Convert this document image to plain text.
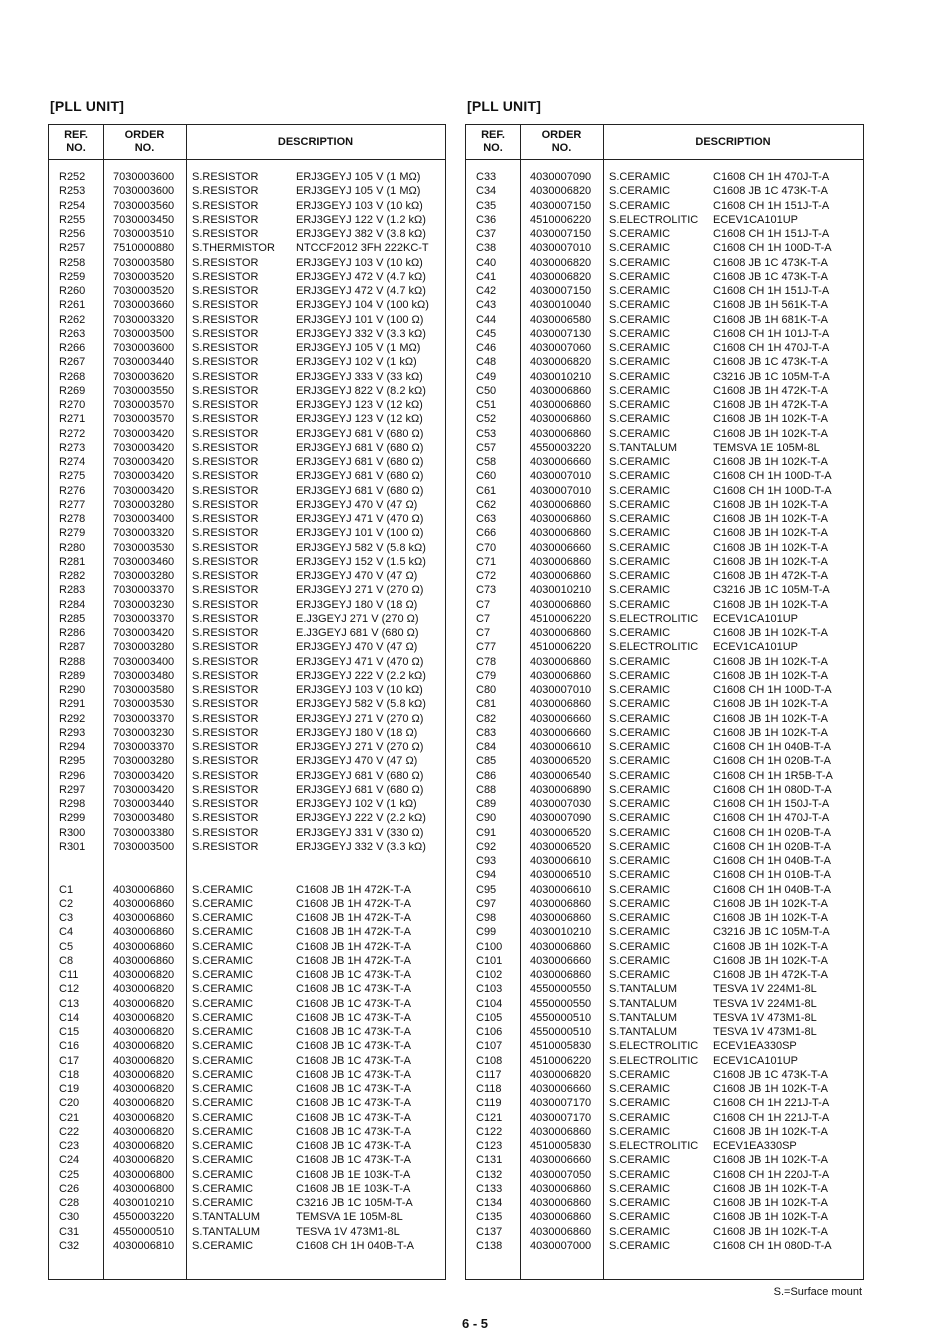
[PLL UNIT]	[PLL UNIT]
REF.
NO.
ORDER
NO.
DESCRIPTION
R252	7030003600 S.RESISTOR	ERJ3GEYJ 105 V (1 MΩ)
R253	7030003600 S.RESISTOR	ERJ3GEYJ 105 V (1 MΩ)
R254	7030003560 S.RESISTOR	ERJ3GEYJ 103 V (10 kΩ)
R255	7030003450 S.RESISTOR	ERJ3GEYJ 122 V (1.2 kΩ)
R256	7030003510 S.RESISTOR	ERJ3GEYJ 382 V (3.8 kΩ)
R257	7510000880 S.THERMISTOR NTCCF2012 3FH 222KC-T
R258	7030003580 S.RESISTOR	ERJ3GEYJ 103 V (10 kΩ)
R259	7030003520 S.RESISTOR	ERJ3GEYJ 472 V (4.7 kΩ)
R260	7030003520 S.RESISTOR	ERJ3GEYJ 472 V (4.7 kΩ)
R261	7030003660 S.RESISTOR	ERJ3GEYJ 104 V (100 kΩ)
R262	7030003320 S.RESISTOR	ERJ3GEYJ 101 V (100 Ω)
R263	7030003500 S.RESISTOR	ERJ3GEYJ 332 V (3.3 kΩ)
R266	7030003600 S.RESISTOR	ERJ3GEYJ 105 V (1 MΩ)
R267	7030003440 S.RESISTOR	ERJ3GEYJ 102 V (1 kΩ)
R268	7030003620 S.RESISTOR	ERJ3GEYJ 333 V (33 kΩ)
R269	7030003550 S.RESISTOR	ERJ3GEYJ 822 V (8.2 kΩ)
R270	7030003570 S.RESISTOR	ERJ3GEYJ 123 V (12 kΩ)
R271	7030003570 S.RESISTOR	ERJ3GEYJ 123 V (12 kΩ)
R272	7030003420 S.RESISTOR	ERJ3GEYJ 681 V (680 Ω)
R273	7030003420 S.RESISTOR	ERJ3GEYJ 681 V (680 Ω)
R274	7030003420 S.RESISTOR	ERJ3GEYJ 681 V (680 Ω)
R275	7030003420 S.RESISTOR	ERJ3GEYJ 681 V (680 Ω)
R276	7030003420 S.RESISTOR	ERJ3GEYJ 681 V (680 Ω)
R277	7030003280 S.RESISTOR	ERJ3GEYJ 470 V (47 Ω)
R278	7030003400 S.RESISTOR	ERJ3GEYJ 471 V (470 Ω)
R279	7030003320 S.RESISTOR	ERJ3GEYJ 101 V (100 Ω)
R280	7030003530 S.RESISTOR	ERJ3GEYJ 582 V (5.8 kΩ)
R281	7030003460 S.RESISTOR	ERJ3GEYJ 152 V (1.5 kΩ)
R282	7030003280 S.RESISTOR	ERJ3GEYJ 470 V (47 Ω)
R283	7030003370 S.RESISTOR	ERJ3GEYJ 271 V (270 Ω)
R284	7030003230 S.RESISTOR	ERJ3GEYJ 180 V (18 Ω)
R285	7030003370 S.RESISTOR	E.J3GEYJ 271 V (270 Ω)
R286	7030003420 S.RESISTOR	E.J3GEYJ 681 V (680 Ω)
R287	7030003280 S.RESISTOR	ERJ3GEYJ 470 V (47 Ω)
R288	7030003400 S.RESISTOR	ERJ3GEYJ 471 V (470 Ω)
R289	7030003480 S.RESISTOR	ERJ3GEYJ 222 V (2.2 kΩ)
R290	7030003580 S.RESISTOR	ERJ3GEYJ 103 V (10 kΩ)
R291	7030003530 S.RESISTOR	ERJ3GEYJ 582 V (5.8 kΩ)
R292	7030003370 S.RESISTOR	ERJ3GEYJ 271 V (270 Ω)
R293	7030003230 S.RESISTOR	ERJ3GEYJ 180 V (18 Ω)
R294	7030003370 S.RESISTOR	ERJ3GEYJ 271 V (270 Ω)
R295	7030003280 S.RESISTOR	ERJ3GEYJ 470 V (47 Ω)
R296	7030003420 S.RESISTOR	ERJ3GEYJ 681 V (680 Ω)
R297	7030003420 S.RESISTOR	ERJ3GEYJ 681 V (680 Ω)
R298	7030003440 S.RESISTOR	ERJ3GEYJ 102 V (1 kΩ)
R299	7030003480 S.RESISTOR	ERJ3GEYJ 222 V (2.2 kΩ)
R300	7030003380 S.RESISTOR	ERJ3GEYJ 331 V (330 Ω)
R301	7030003500 S.RESISTOR	ERJ3GEYJ 332 V (3.3 kΩ)
C1	4030006860 S.CERAMIC	C1608 JB 1H 472K-T-A
C2	4030006860 S.CERAMIC	C1608 JB 1H 472K-T-A
C3	4030006860 S.CERAMIC	C1608 JB 1H 472K-T-A
C4	4030006860 S.CERAMIC	C1608 JB 1H 472K-T-A
C5	4030006860 S.CERAMIC	C1608 JB 1H 472K-T-A
C8	4030006860 S.CERAMIC	C1608 JB 1H 472K-T-A
C11	4030006820 S.CERAMIC	C1608 JB 1C 473K-T-A
C12	4030006820 S.CERAMIC	C1608 JB 1C 473K-T-A
C13	4030006820 S.CERAMIC	C1608 JB 1C 473K-T-A
C14	4030006820 S.CERAMIC	C1608 JB 1C 473K-T-A
C15	4030006820 S.CERAMIC	C1608 JB 1C 473K-T-A
C16	4030006820 S.CERAMIC	C1608 JB 1C 473K-T-A
C17	4030006820 S.CERAMIC	C1608 JB 1C 473K-T-A
C18	4030006820 S.CERAMIC	C1608 JB 1C 473K-T-A
C19	4030006820 S.CERAMIC	C1608 JB 1C 473K-T-A
C20	4030006820 S.CERAMIC	C1608 JB 1C 473K-T-A
C21	4030006820 S.CERAMIC	C1608 JB 1C 473K-T-A
C22	4030006820 S.CERAMIC	C1608 JB 1C 473K-T-A
C23	4030006820 S.CERAMIC	C1608 JB 1C 473K-T-A
C24	4030006820 S.CERAMIC	C1608 JB 1C 473K-T-A
C25	4030006800 S.CERAMIC	C1608 JB 1E 103K-T-A
C26	4030006800 S.CERAMIC	C1608 JB 1E 103K-T-A
C28	4030010210 S.CERAMIC	C3216 JB 1C 105M-T-A
C30	4550003220 S.TANTALUM	TEMSVA 1E 105M-8L
C31	4550000510 S.TANTALUM	TESVA 1V 473M1-8L
C32	4030006810 S.CERAMIC	C1608 CH 1H 040B-T-A
REF.
NO.
ORDER
NO.
DESCRIPTION
C33	4030007090 S.CERAMIC	C1608 CH 1H 470J-T-A
C34	4030006820 S.CERAMIC	C1608 JB 1C 473K-T-A
C35	4030007150 S.CERAMIC	C1608 CH 1H 151J-T-A
C36	4510006220 S.ELECTROLITIC ECEV1CA101UP
C37	4030007150 S.CERAMIC	C1608 CH 1H 151J-T-A
C38	4030007010 S.CERAMIC	C1608 CH 1H 100D-T-A
C40	4030006820 S.CERAMIC	C1608 JB 1C 473K-T-A
C41	4030006820 S.CERAMIC	C1608 JB 1C 473K-T-A
C42	4030007150 S.CERAMIC	C1608 CH 1H 151J-T-A
C43	4030010040 S.CERAMIC	C1608 JB 1H 561K-T-A
C44	4030006580 S.CERAMIC	C1608 JB 1H 681K-T-A
C45	4030007130 S.CERAMIC	C1608 CH 1H 101J-T-A
C46	4030007060 S.CERAMIC	C1608 CH 1H 470J-T-A
C48	4030006820 S.CERAMIC	C1608 JB 1C 473K-T-A
C49	4030010210 S.CERAMIC	C3216 JB 1C 105M-T-A
C50	4030006860 S.CERAMIC	C1608 JB 1H 472K-T-A
C51	4030006860 S.CERAMIC	C1608 JB 1H 472K-T-A
C52	4030006860 S.CERAMIC	C1608 JB 1H 102K-T-A
C53	4030006860 S.CERAMIC	C1608 JB 1H 102K-T-A
C57	4550003220 S.TANTALUM	TEMSVA 1E 105M-8L
C58	4030006660 S.CERAMIC	C1608 JB 1H 102K-T-A
C60	4030007010 S.CERAMIC	C1608 CH 1H 100D-T-A
C61	4030007010 S.CERAMIC	C1608 CH 1H 100D-T-A
C62	4030006860 S.CERAMIC	C1608 JB 1H 102K-T-A
C63	4030006860 S.CERAMIC	C1608 JB 1H 102K-T-A
C66	4030006860 S.CERAMIC	C1608 JB 1H 102K-T-A
C70	4030006660 S.CERAMIC	C1608 JB 1H 102K-T-A
C71	4030006860 S.CERAMIC	C1608 JB 1H 102K-T-A
C72	4030006860 S.CERAMIC	C1608 JB 1H 472K-T-A
C73	4030010210 S.CERAMIC	C3216 JB 1C 105M-T-A
C7	4030006860 S.CERAMIC	C1608 JB 1H 102K-T-A
C7	4510006220 S.ELECTROLITIC ECEV1CA101UP
C7	4030006860 S.CERAMIC	C1608 JB 1H 102K-T-A
C77	4510006220 S.ELECTROLITIC ECEV1CA101UP
C78	4030006860 S.CERAMIC	C1608 JB 1H 102K-T-A
C79	4030006860 S.CERAMIC	C1608 JB 1H 102K-T-A
C80	4030007010 S.CERAMIC	C1608 CH 1H 100D-T-A
C81	4030006860 S.CERAMIC	C1608 JB 1H 102K-T-A
C82	4030006660 S.CERAMIC	C1608 JB 1H 102K-T-A
C83	4030006660 S.CERAMIC	C1608 JB 1H 102K-T-A
C84	4030006610 S.CERAMIC	C1608 CH 1H 040B-T-A
C85	4030006520 S.CERAMIC	C1608 CH 1H 020B-T-A
C86	4030006540 S.CERAMIC	C1608 CH 1H 1R5B-T-A
C88	4030006890 S.CERAMIC	C1608 CH 1H 080D-T-A
C89	4030007030 S.CERAMIC	C1608 CH 1H 150J-T-A
C90	4030007090 S.CERAMIC	C1608 CH 1H 470J-T-A
C91	4030006520 S.CERAMIC	C1608 CH 1H 020B-T-A
C92	4030006520 S.CERAMIC	C1608 CH 1H 020B-T-A
C93	4030006610 S.CERAMIC	C1608 CH 1H 040B-T-A
C94	4030006510 S.CERAMIC	C1608 CH 1H 010B-T-A
C95	4030006610 S.CERAMIC	C1608 CH 1H 040B-T-A
C97	4030006860 S.CERAMIC	C1608 JB 1H 102K-T-A
C98	4030006860 S.CERAMIC	C1608 JB 1H 102K-T-A
C99	4030010210 S.CERAMIC	C3216 JB 1C 105M-T-A
C100	4030006860 S.CERAMIC	C1608 JB 1H 102K-T-A
C101	4030006660 S.CERAMIC	C1608 JB 1H 102K-T-A
C102	4030006860 S.CERAMIC	C1608 JB 1H 472K-T-A
C103	4550000550 S.TANTALUM	TESVA 1V 224M1-8L
C104	4550000550 S.TANTALUM	TESVA 1V 224M1-8L
C105	4550000510 S.TANTALUM	TESVA 1V 473M1-8L
C106	4550000510 S.TANTALUM	TESVA 1V 473M1-8L
C107	4510005830 S.ELECTROLITIC ECEV1EA330SP
C108	4510006220 S.ELECTROLITIC ECEV1CA101UP
C117	4030006820 S.CERAMIC	C1608 JB 1C 473K-T-A
C118	4030006660 S.CERAMIC	C1608 JB 1H 102K-T-A
C119	4030007170 S.CERAMIC	C1608 CH 1H 221J-T-A
C121	4030007170 S.CERAMIC	C1608 CH 1H 221J-T-A
C122	4030006860 S.CERAMIC	C1608 JB 1H 102K-T-A
C123	4510005830 S.ELECTROLITIC ECEV1EA330SP
C131	4030006660 S.CERAMIC	C1608 JB 1H 102K-T-A
C132	4030007050 S.CERAMIC	C1608 CH 1H 220J-T-A
C133	4030006860 S.CERAMIC	C1608 JB 1H 102K-T-A
C134	4030006860 S.CERAMIC	C1608 JB 1H 102K-T-A
C135	4030006860 S.CERAMIC	C1608 JB 1H 102K-T-A
C137	4030006860 S.CERAMIC	C1608 JB 1H 102K-T-A
C138	4030007000 S.CERAMIC	C1608 CH 1H 080D-T-A
S.=Surface mount
6 - 5
